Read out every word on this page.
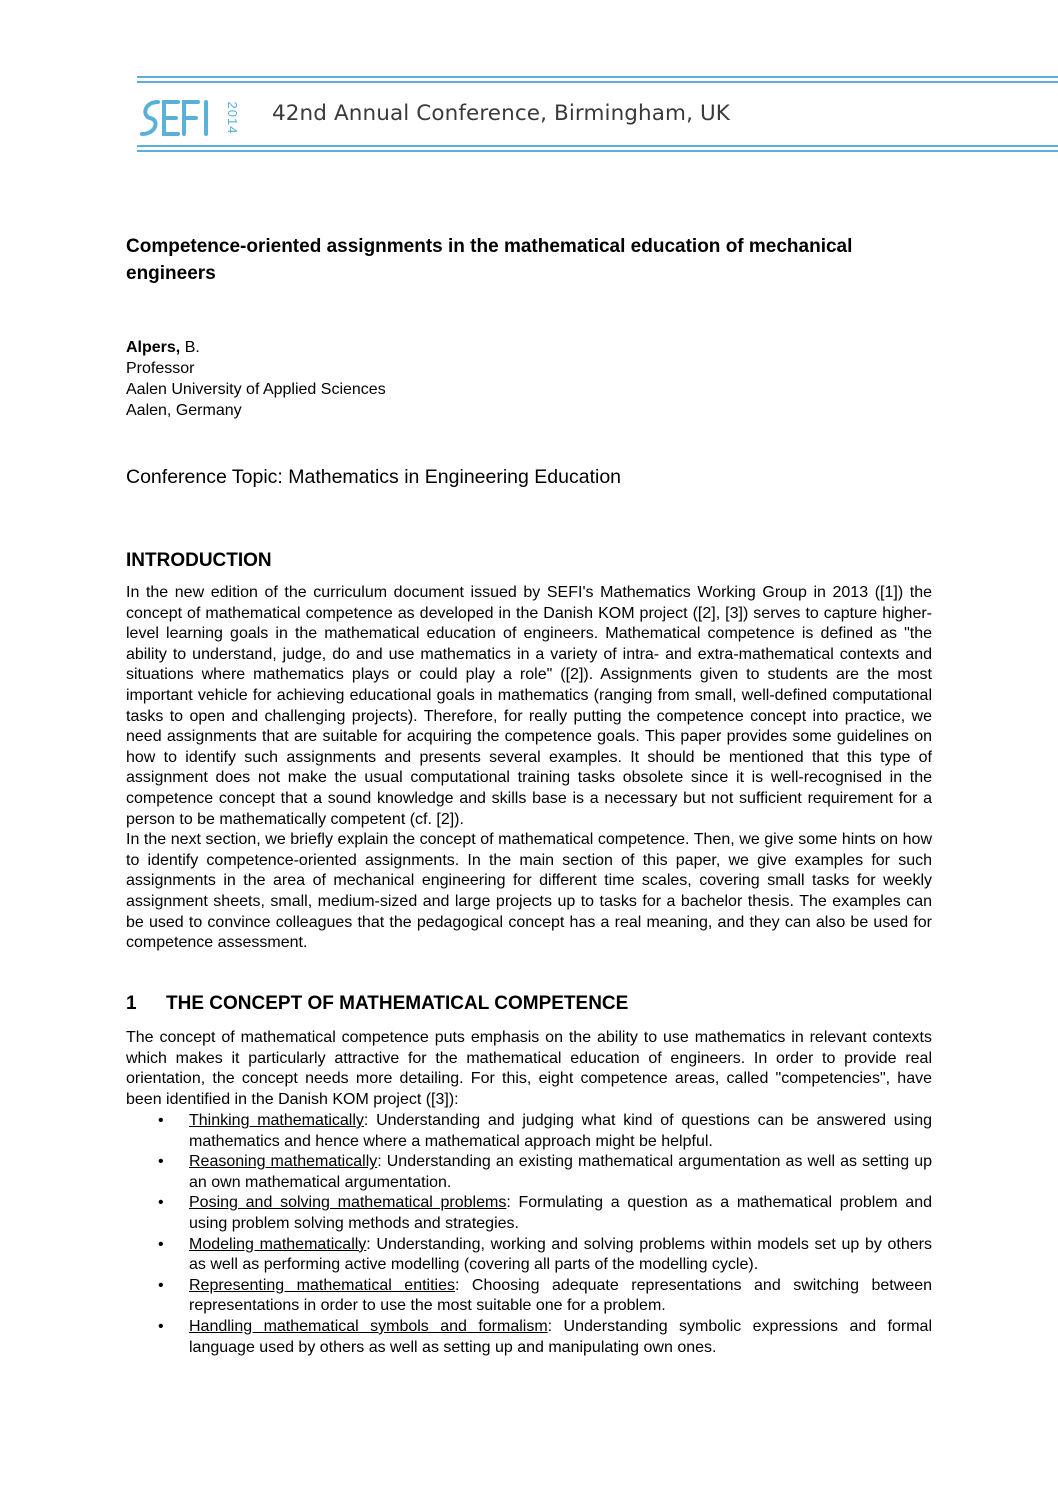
2014 42nd Annual Conference, Birmingham, UK
Competence-oriented assignments in the mathematical education of mechanical engineers
Alpers, B.
Professor
Aalen University of Applied Sciences
Aalen, Germany
Conference Topic: Mathematics in Engineering Education
INTRODUCTION

In the new edition of the curriculum document issued by SEFI's Mathematics Working Group in 2013 ([1]) the concept of mathematical competence as developed in the Danish KOM project ([2], [3]) serves to capture higher-level learning goals in the mathematical education of engineers. Mathematical competence is defined as "the ability to understand, judge, do and use mathematics in a variety of intra- and extra-mathematical contexts and situations where mathematics plays or could play a role" ([2]). Assignments given to students are the most important vehicle for achieving educational goals in mathematics (ranging from small, well-defined computational tasks to open and challenging projects). Therefore, for really putting the competence concept into practice, we need assignments that are suitable for acquiring the competence goals. This paper provides some guidelines on how to identify such assignments and presents several examples. It should be mentioned that this type of assignment does not make the usual computational training tasks obsolete since it is well-recognised in the competence concept that a sound knowledge and skills base is a necessary but not sufficient requirement for a person to be mathematically competent (cf. [2]).

In the next section, we briefly explain the concept of mathematical competence. Then, we give some hints on how to identify competence-oriented assignments. In the main section of this paper, we give examples for such assignments in the area of mechanical engineering for different time scales, covering small tasks for weekly assignment sheets, small, medium-sized and large projects up to tasks for a bachelor thesis. The examples can be used to convince colleagues that the pedagogical concept has a real meaning, and they can also be used for competence assessment.

1 THE CONCEPT OF MATHEMATICAL COMPETENCE

The concept of mathematical competence puts emphasis on the ability to use mathematics in relevant contexts which makes it particularly attractive for the mathematical education of engineers. In order to provide real orientation, the concept needs more detailing. For this, eight competence areas, called "competencies", have been identified in the Danish KOM project ([3]):

• Thinking mathematically: Understanding and judging what kind of questions can be answered using mathematics and hence where a mathematical approach might be helpful.
• Reasoning mathematically: Understanding an existing mathematical argumentation as well as setting up an own mathematical argumentation.
• Posing and solving mathematical problems: Formulating a question as a mathematical problem and using problem solving methods and strategies.
• Modeling mathematically: Understanding, working and solving problems within models set up by others as well as performing active modelling (covering all parts of the modelling cycle).
• Representing mathematical entities: Choosing adequate representations and switching between representations in order to use the most suitable one for a problem.
• Handling mathematical symbols and formalism: Understanding symbolic expressions and formal language used by others as well as setting up and manipulating own ones.
